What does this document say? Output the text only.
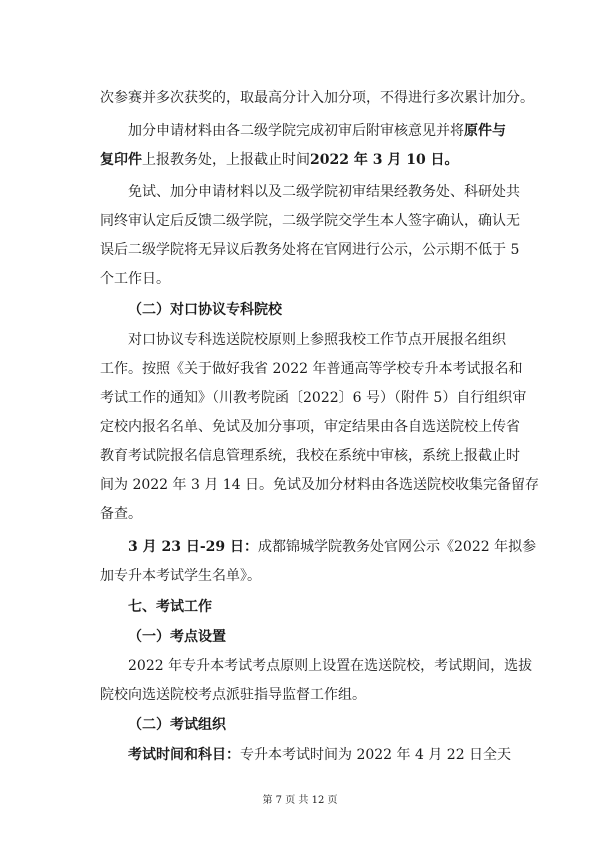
次参赛并多次获奖的，取最高分计入加分项，不得进行多次累计加分。
加分申请材料由各二级学院完成初审后附审核意见并将原件与
复印件上报教务处，上报截止时间2022 年 3 月 10 日。
免试、加分申请材料以及二级学院初审结果经教务处、科研处共
同终审认定后反馈二级学院，二级学院交学生本人签字确认，确认无
误后二级学院将无异议后教务处将在官网进行公示，公示期不低于 5
个工作日。
（二）对口协议专科院校
对口协议专科选送院校原则上参照我校工作节点开展报名组织
工作。按照《关于做好我省 2022 年普通高等学校专升本考试报名和
考试工作的通知》（川教考院函〔2022〕6 号）（附件 5）自行组织审
定校内报名名单、免试及加分事项，审定结果由各自选送院校上传省
教育考试院报名信息管理系统，我校在系统中审核，系统上报截止时
间为 2022 年 3 月 14 日。免试及加分材料由各选送院校收集完备留存
备查。
3 月 23 日-29 日：成都锦城学院教务处官网公示《2022 年拟参
加专升本考试学生名单》。
七、考试工作
（一）考点设置
2022 年专升本考试考点原则上设置在选送院校，考试期间，选拔
院校向选送院校考点派驻指导监督工作组。
（二）考试组织
考试时间和科目：专升本考试时间为 2022 年 4 月 22 日全天
第 7 页 共 12 页
